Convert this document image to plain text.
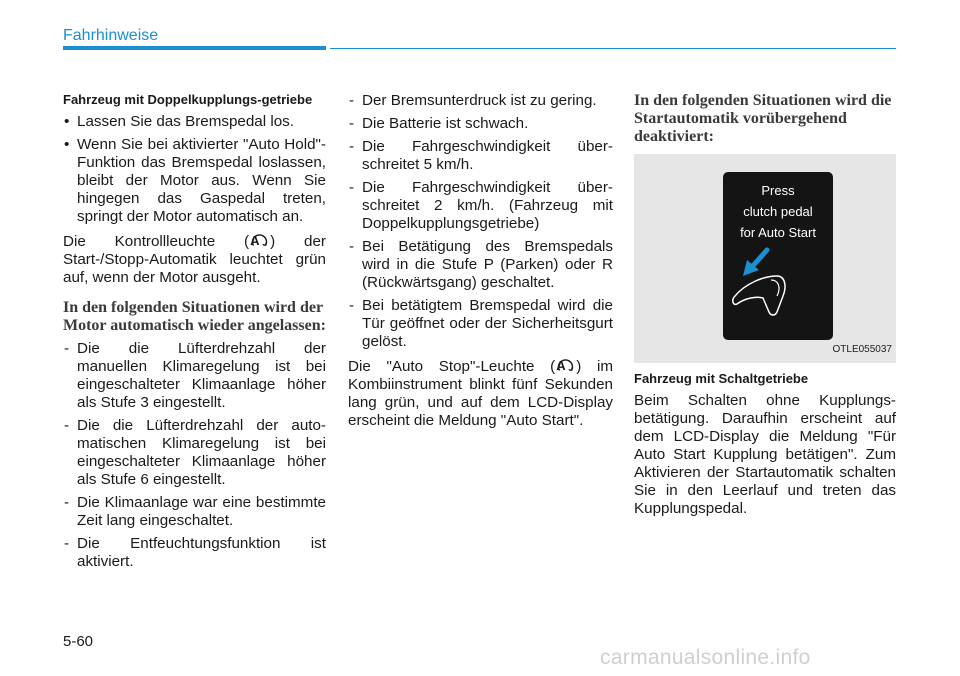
Fahrhinweise
Fahrzeug mit Doppelkupplungs-getriebe
• Lassen Sie das Bremspedal los.
• Wenn Sie bei aktivierter "Auto Hold"-Funktion das Bremspedal loslassen, bleibt der Motor aus. Wenn Sie hingegen das Gaspedal treten, springt der Motor automatisch an.

Die Kontrollleuchte ( A ) der Start-/Stopp-Automatik leuchtet grün auf, wenn der Motor ausgeht.

In den folgenden Situationen wird der Motor automatisch wieder angelassen:
- Die die Lüfterdrehzahl der manuellen Klimaregelung ist bei eingeschalteter Klimaanlage höher als Stufe 3 eingestellt.
- Die die Lüfterdrehzahl der auto-matischen Klimaregelung ist bei eingeschalteter Klimaanlage höher als Stufe 6 eingestellt.
- Die Klimaanlage war eine bestimmte Zeit lang eingeschaltet.
- Die Entfeuchtungsfunktion ist aktiviert.
- Der Bremsunterdruck ist zu gering.
- Die Batterie ist schwach.
- Die Fahrgeschwindigkeit über-schreitet 5 km/h.
- Die Fahrgeschwindigkeit über-schreitet 2 km/h. (Fahrzeug mit Doppelkupplungsgetriebe)
- Bei Betätigung des Bremspedals wird in die Stufe P (Parken) oder R (Rückwärtsgang) geschaltet.
- Bei betätigtem Bremspedal wird die Tür geöffnet oder der Sicherheitsgurt gelöst.

Die "Auto Stop"-Leuchte ( A ) im Kombiinstrument blinkt fünf Sekunden lang grün, und auf dem LCD-Display erscheint die Meldung "Auto Start".

In den folgenden Situationen wird die Startautomatik vorübergehend deaktiviert:
Press
clutch pedal
for Auto Start
OTLE055037
Fahrzeug mit Schaltgetriebe

Beim Schalten ohne Kupplungs-betätigung. Daraufhin erscheint auf dem LCD-Display die Meldung "Für Auto Start Kupplung betätigen". Zum Aktivieren der Startautomatik schalten Sie in den Leerlauf und treten das Kupplungspedal.

5-60
carmanualsonline.info
